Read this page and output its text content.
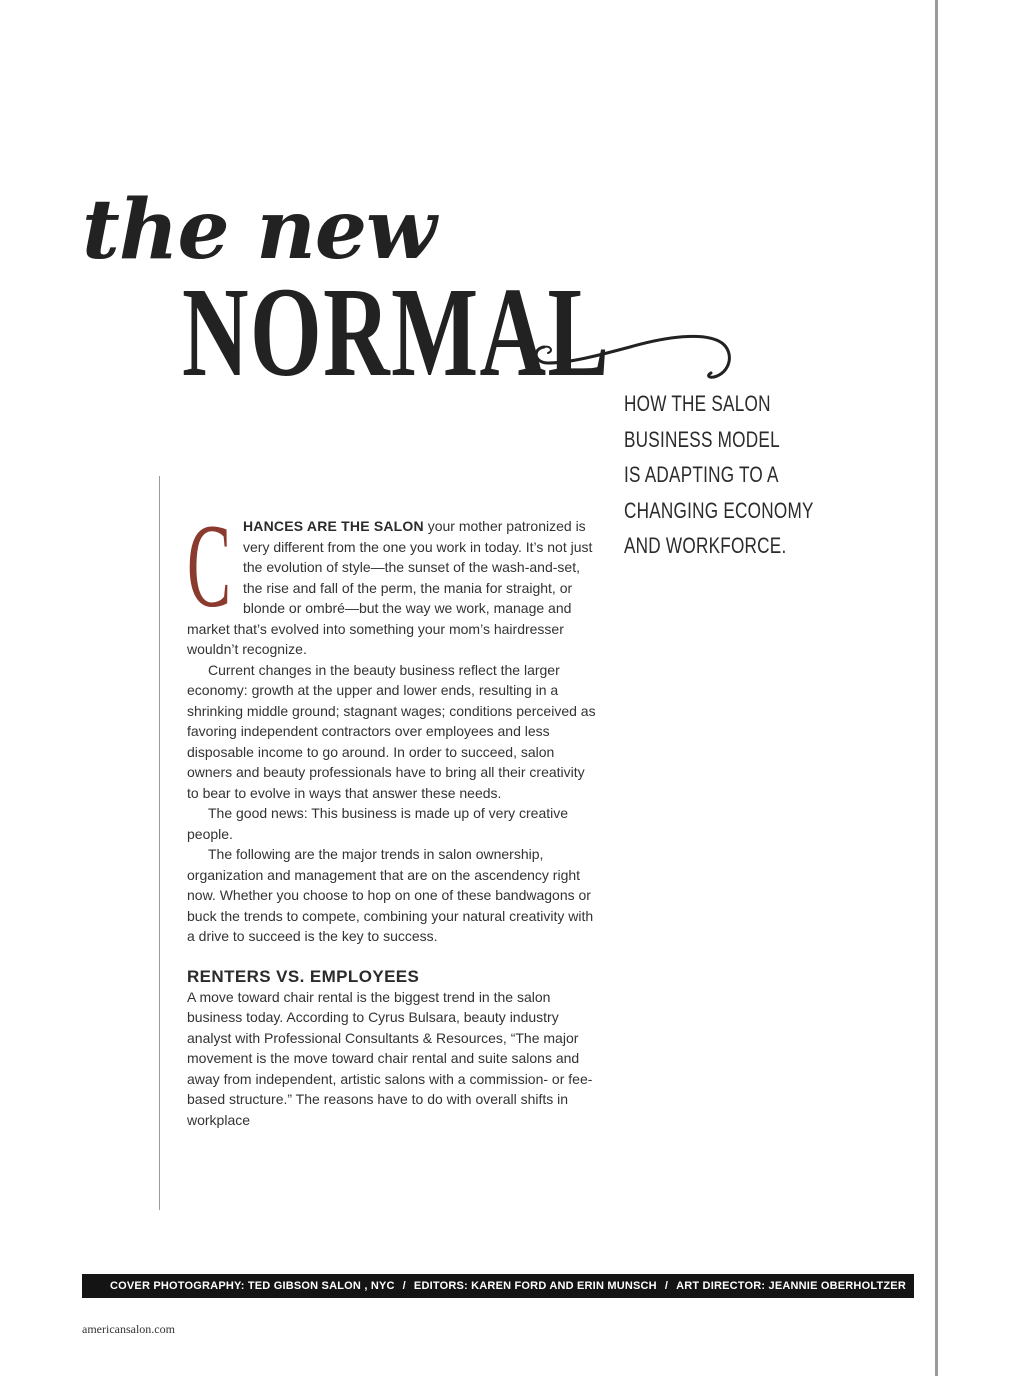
the new
NORMAL
HOW THE SALON
BUSINESS MODEL
IS ADAPTING TO A
CHANGING ECONOMY
AND WORKFORCE.

C HANCES ARE THE SALON your mother patronized is very different from the one you work in today. It’s not just the evolution of style—the sunset of the wash-and-set, the rise and fall of the perm, the mania for straight, or blonde or ombré—but the way we work, manage and market that’s evolved into something your mom’s hairdresser wouldn’t recognize.

Current changes in the beauty business reflect the larger economy: growth at the upper and lower ends, resulting in a shrinking middle ground; stagnant wages; conditions perceived as favoring independent contractors over employees and less disposable income to go around. In order to succeed, salon owners and beauty professionals have to bring all their creativity to bear to evolve in ways that answer these needs.

The good news: This business is made up of very creative people.

The following are the major trends in salon ownership, organization and management that are on the ascendency right now. Whether you choose to hop on one of these bandwagons or buck the trends to compete, combining your natural creativity with a drive to succeed is the key to success.

RENTERS VS. EMPLOYEES

A move toward chair rental is the biggest trend in the salon business today. According to Cyrus Bulsara, beauty industry analyst with Professional Consultants & Resources, “The major movement is the move toward chair rental and suite salons and away from independent, artistic salons with a commission- or fee-based structure.” The reasons have to do with overall shifts in workplace

COVER PHOTOGRAPHY: TED GIBSON SALON , NYC / EDITORS: KAREN FORD AND ERIN MUNSCH / ART DIRECTOR: JEANNIE OBERHOLTZER
americansalon.com
